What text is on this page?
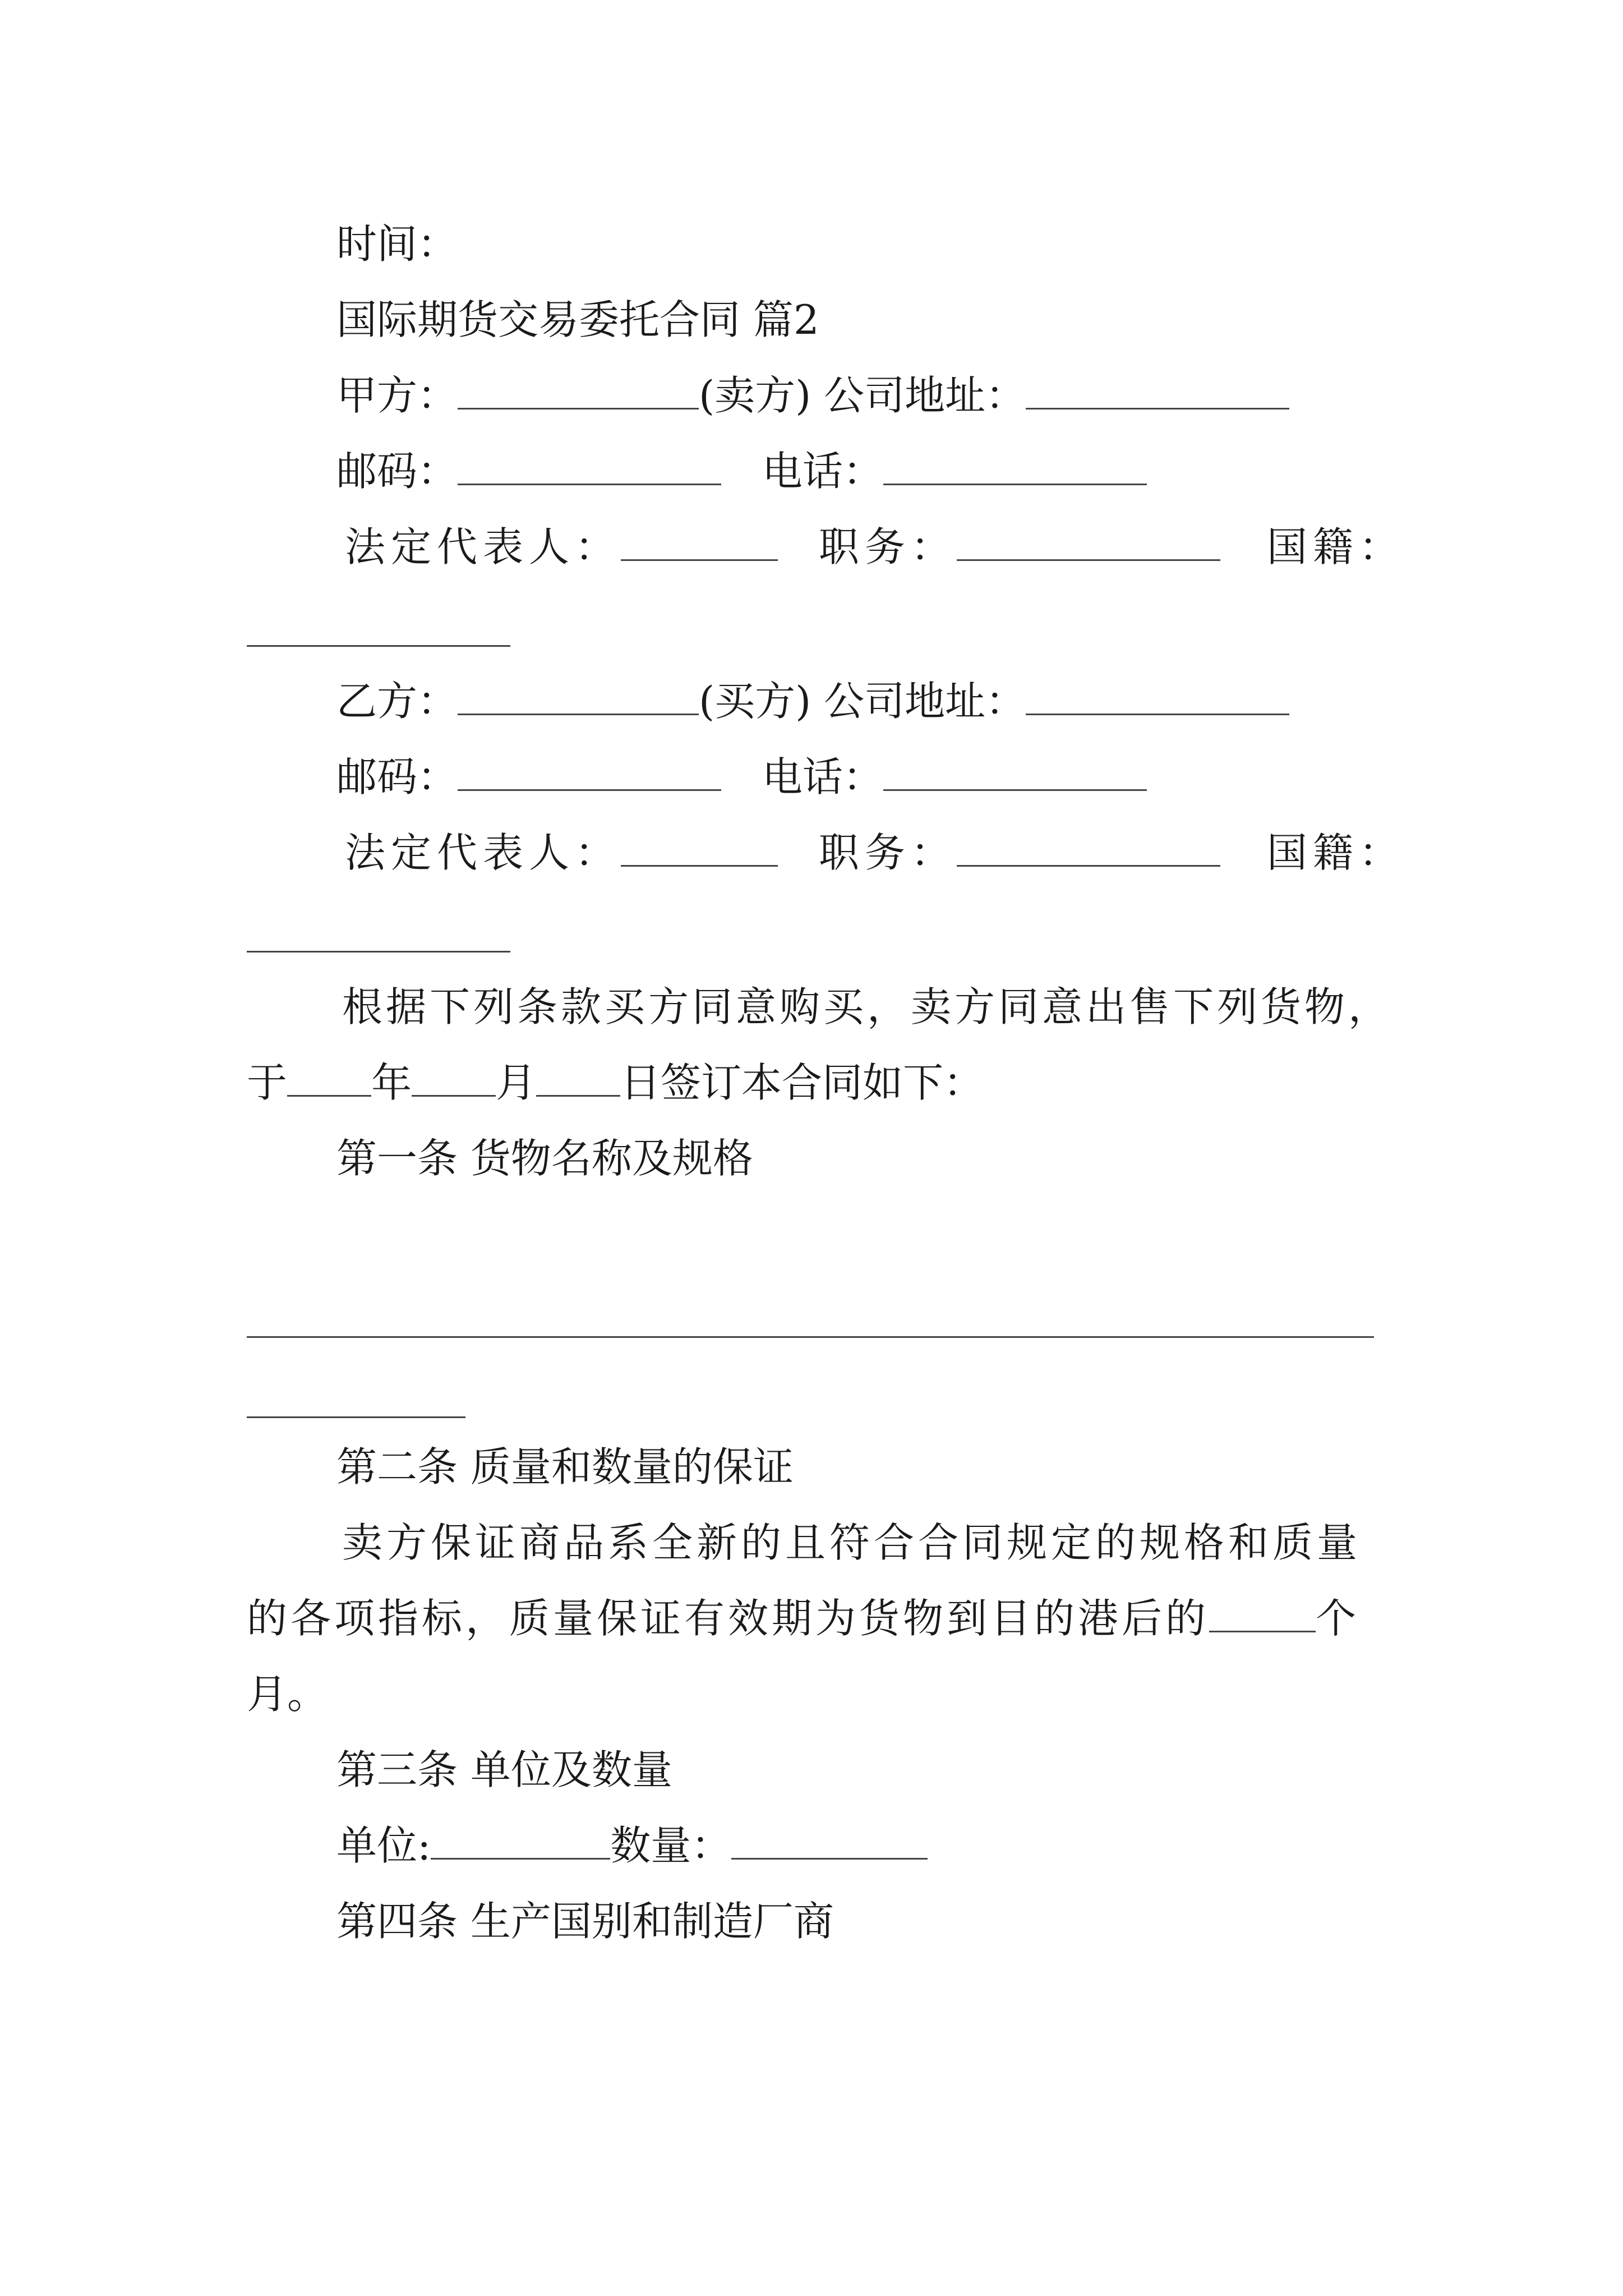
时间：
国际期货交易委托合同 篇2
甲方：	(卖方) 公司地址：
邮码：	电话：
法定代表人：	职务：	国籍：
乙方：	(买方) 公司地址：
邮码：	电话：
法定代表人：	职务：	国籍：
根据下列条款买方同意购买，卖方同意出售下列货物，
于 年 月 日签订本合同如下：
第一条 货物名称及规格
第二条 质量和数量的保证
卖方保证商品系全新的且符合合同规定的规格和质量
的各项指标，质量保证有效期为货物到目的港后的	个
月。
第三条 单位及数量
单位:	数量：
第四条 生产国别和制造厂商
